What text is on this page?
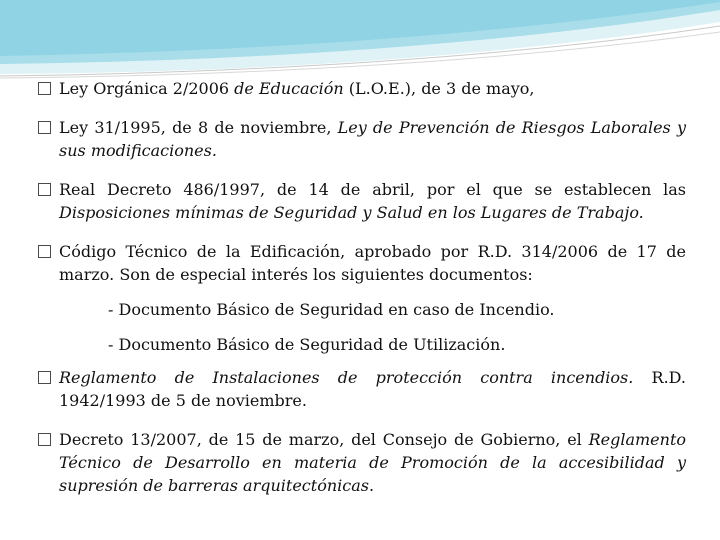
Ley Orgánica 2/2006 de Educación (L.O.E.), de 3 de mayo,
Ley 31/1995, de 8 de noviembre, Ley de Prevención de Riesgos Laborales y sus modificaciones.
Real Decreto 486/1997, de 14 de abril, por el que se establecen las Disposiciones mínimas de Seguridad y Salud en los Lugares de Trabajo.
Código Técnico de la Edificación, aprobado por R.D. 314/2006 de 17 de marzo. Son de especial interés los siguientes documentos:
- Documento Básico de Seguridad en caso de Incendio.
- Documento Básico de Seguridad de Utilización.
Reglamento de Instalaciones de protección contra incendios. R.D. 1942/1993 de 5 de noviembre.
Decreto 13/2007, de 15 de marzo, del Consejo de Gobierno, el Reglamento Técnico de Desarrollo en materia de Promoción de la accesibilidad y supresión de barreras arquitectónicas.
